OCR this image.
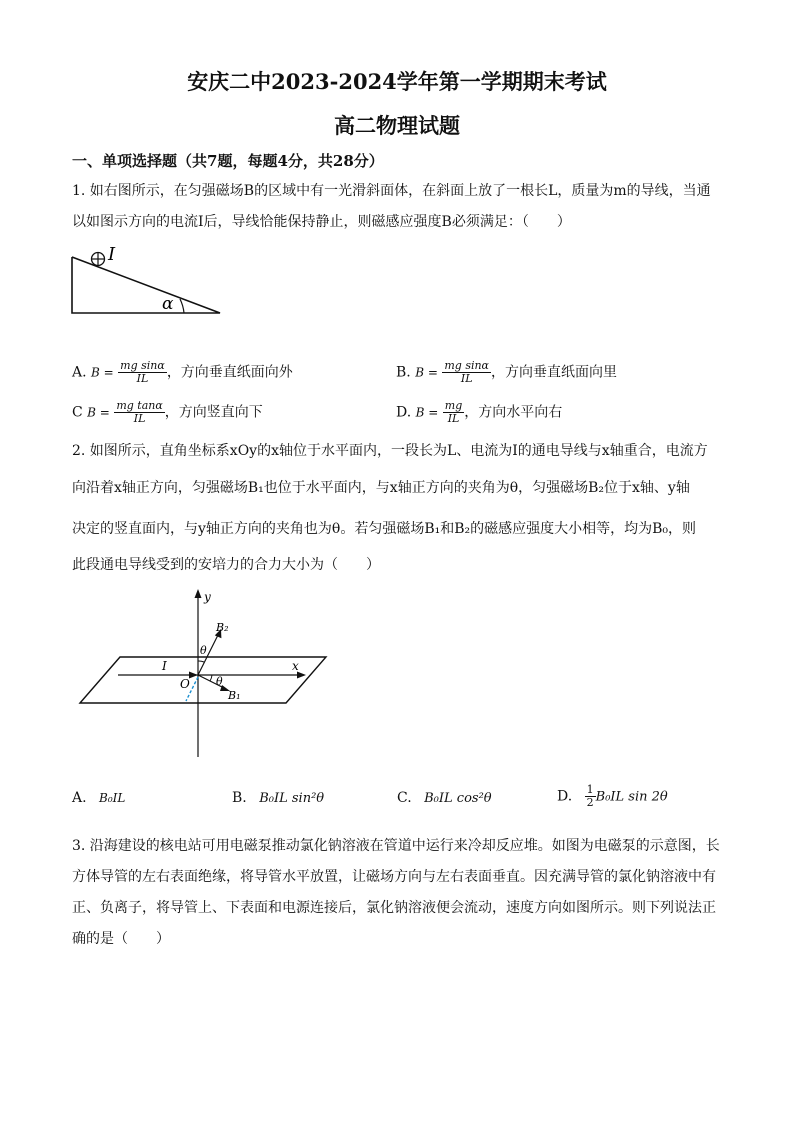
安庆二中2023-2024学年第一学期期末考试
高二物理试题
一、单项选择题（共7题，每题4分，共28分）
1. 如右图所示，在匀强磁场B的区域中有一光滑斜面体，在斜面上放了一根长L，质量为m的导线，当通
以如图示方向的电流I后，导线恰能保持静止，则磁感应强度B必须满足：（　　）
I
α
A. $B = \frac{\text{mg sinα}}{IL}$ ，方向垂直纸面向外	B. $B = \frac{\text{mg sinα}}{IL}$ ，方向垂直纸面向里
C $B = \frac{\text{mg tanα}}{IL}$ ，方向竖直向下	D. $B = \frac{mg}{IL}$ ，方向水平向右
2. 如图所示，直角坐标系xOy的x轴位于水平面内，一段长为L、电流为I的通电导线与x轴重合，电流方
向沿着x轴正方向，匀强磁场B₁也位于水平面内，与x轴正方向的夹角为θ，匀强磁场B₂位于x轴、y轴
决定的竖直面内，与y轴正方向的夹角也为θ。若匀强磁场B₁和B₂的磁感应强度大小相等，均为B₀，则
此段通电导线受到的安培力的合力大小为（　　）
y
x
I
O
B₂
θ
B₁
θ
A. B₀IL	B. B₀IL sin²θ	C. B₀IL cos²θ	D. $\frac{1}{2} B_0IL$ sin 2θ
3. 沿海建设的核电站可用电磁泵推动氯化钠溶液在管道中运行来冷却反应堆。如图为电磁泵的示意图，长
方体导管的左右表面绝缘，将导管水平放置，让磁场方向与左右表面垂直。因充满导管的氯化钠溶液中有
正、负离子，将导管上、下表面和电源连接后，氯化钠溶液便会流动，速度方向如图所示。则下列说法正
确的是（　　）
